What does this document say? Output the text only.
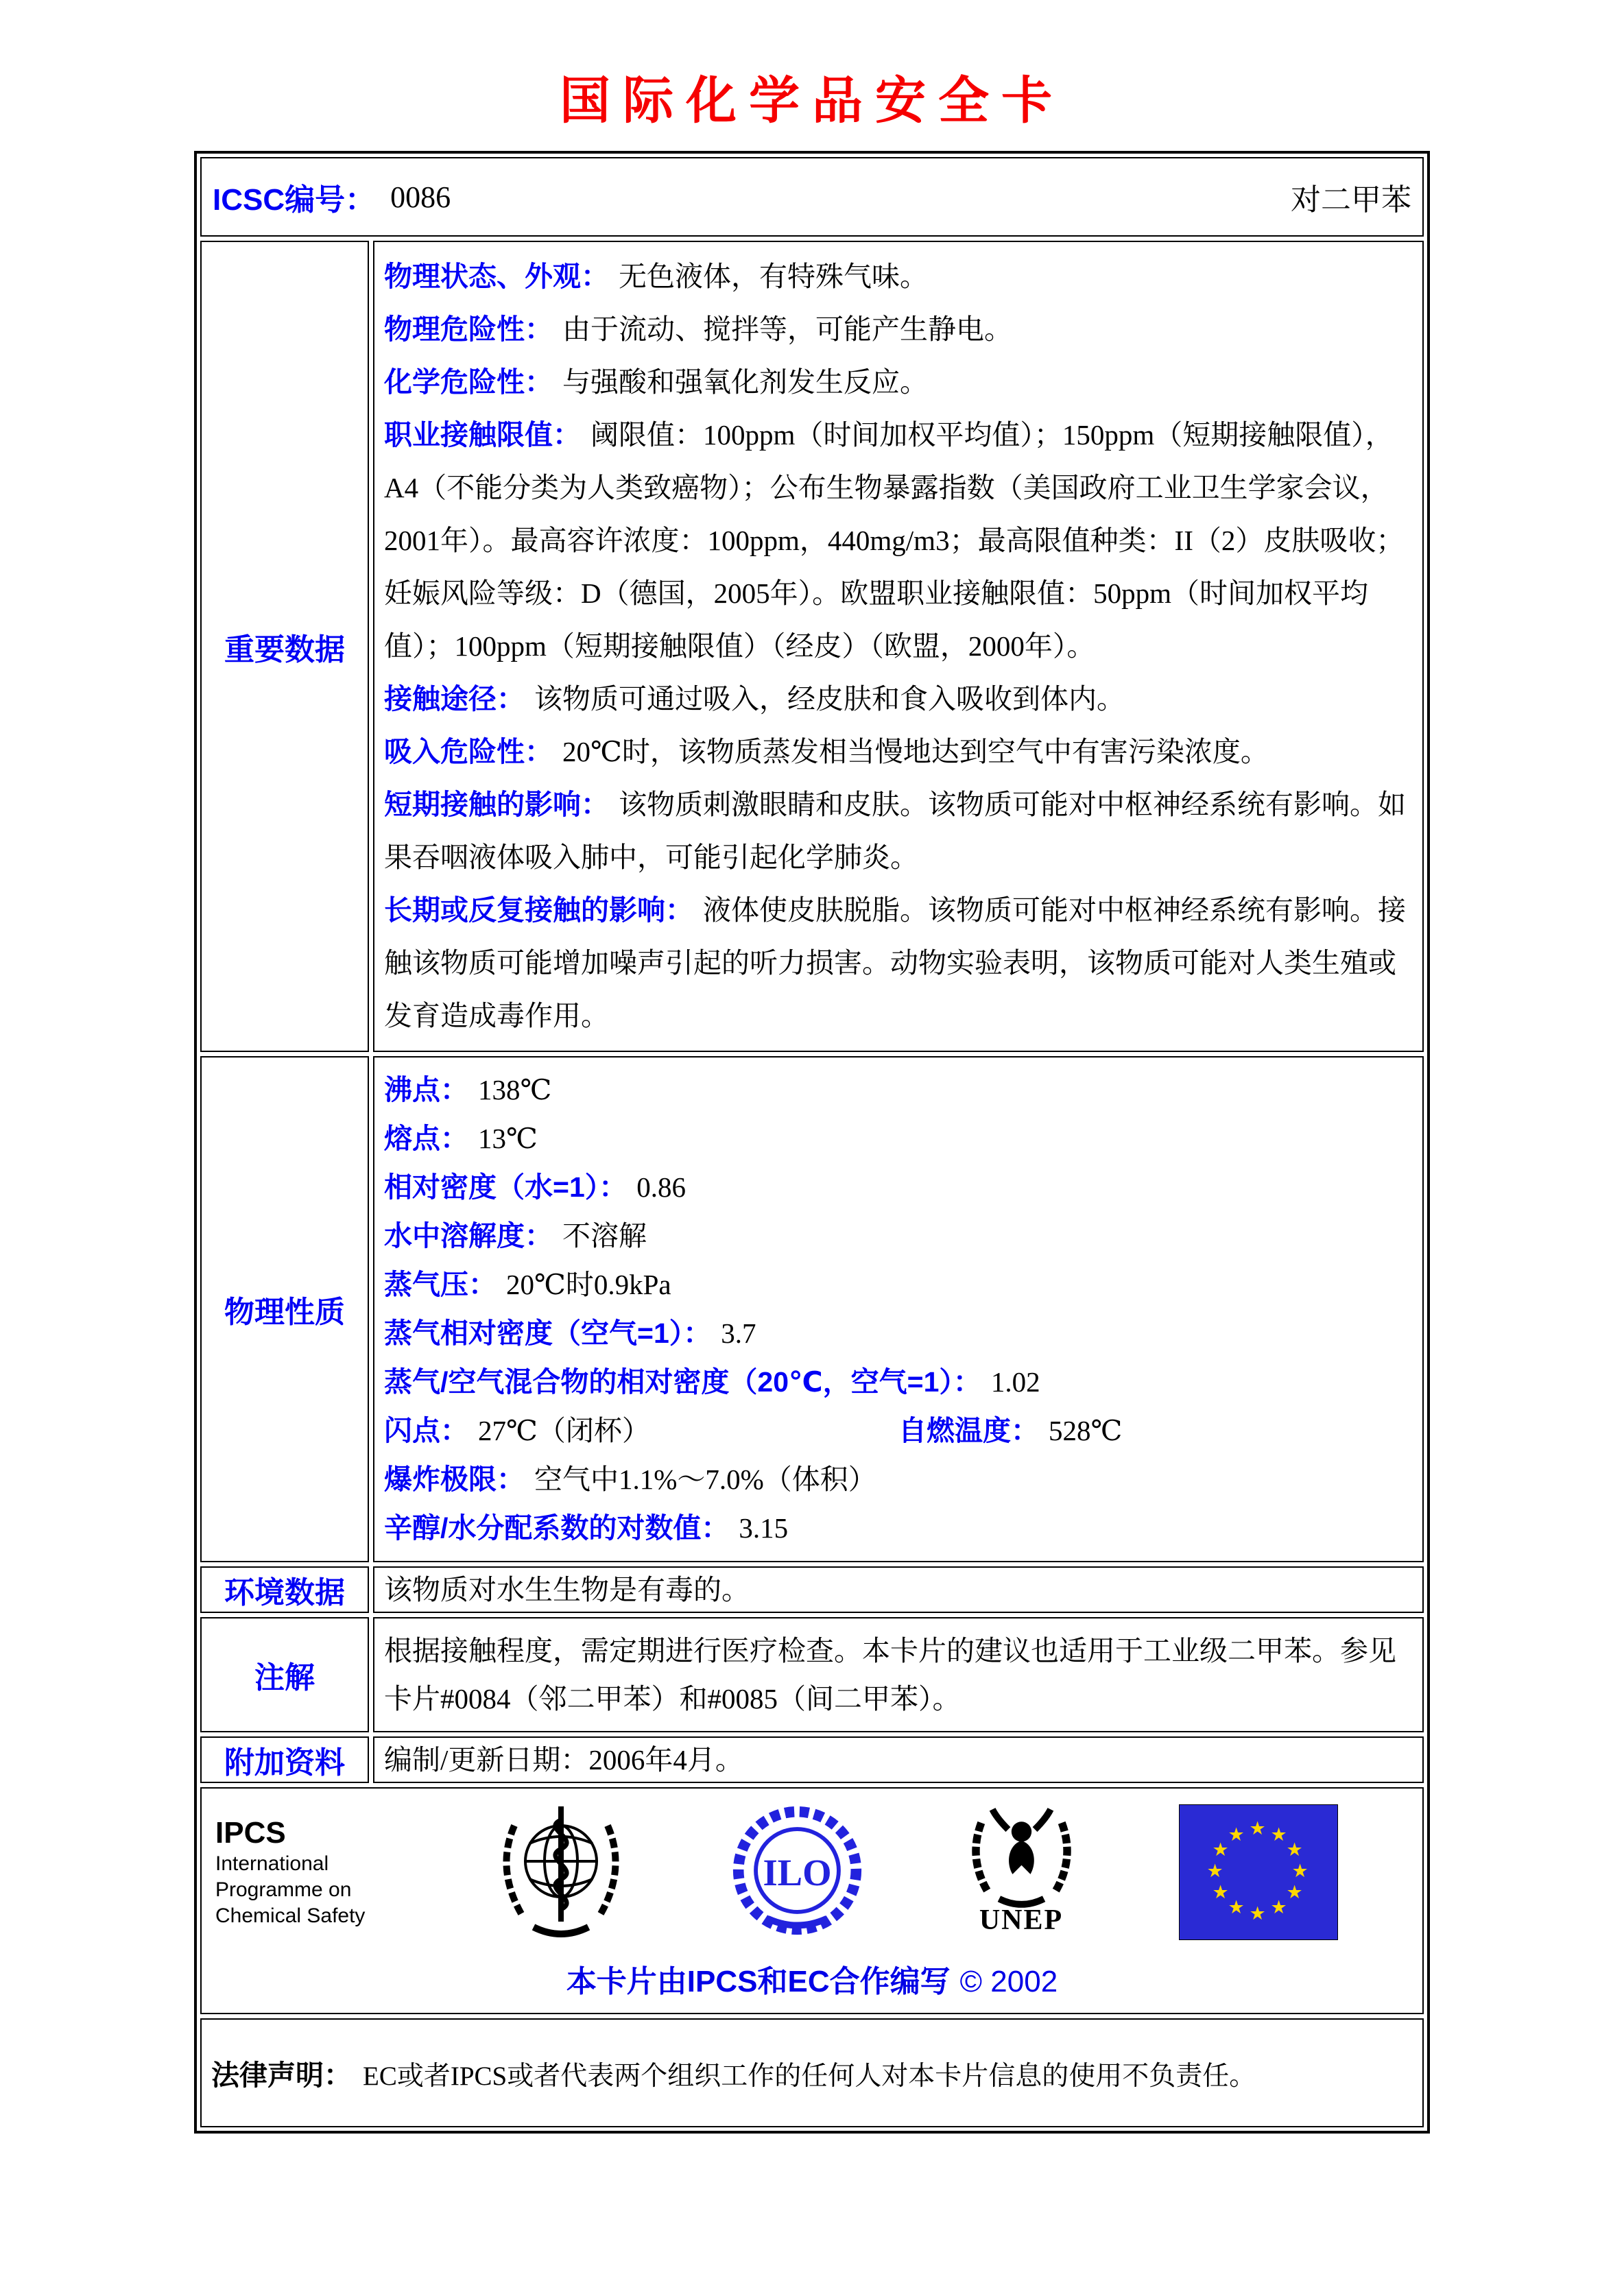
国际化学品安全卡
ICSC编号： 0086	对二甲苯
重要数据

物理状态、外观： 无色液体，有特殊气味。

物理危险性： 由于流动、搅拌等，可能产生静电。

化学危险性： 与强酸和强氧化剂发生反应。

职业接触限值： 阈限值：100ppm（时间加权平均值）；150ppm（短期接触限值），A4（不能分类为人类致癌物）；公布生物暴露指数（美国政府工业卫生学家会议，2001年）。最高容许浓度：100ppm，440mg/m3；最高限值种类：II（2）皮肤吸收；妊娠风险等级：D（德国，2005年）。欧盟职业接触限值：50ppm（时间加权平均值）；100ppm（短期接触限值）（经皮）（欧盟，2000年）。

接触途径： 该物质可通过吸入，经皮肤和食入吸收到体内。

吸入危险性： 20℃时，该物质蒸发相当慢地达到空气中有害污染浓度。

短期接触的影响： 该物质刺激眼睛和皮肤。该物质可能对中枢神经系统有影响。如果吞咽液体吸入肺中，可能引起化学肺炎。

长期或反复接触的影响： 液体使皮肤脱脂。该物质可能对中枢神经系统有影响。接触该物质可能增加噪声引起的听力损害。动物实验表明，该物质可能对人类生殖或发育造成毒作用。

物理性质

沸点： 138℃

熔点： 13℃

相对密度（水=1）： 0.86

水中溶解度： 不溶解

蒸气压： 20℃时0.9kPa

蒸气相对密度（空气=1）： 3.7

蒸气/空气混合物的相对密度（20℃，空气=1）： 1.02

闪点： 27℃（闭杯）	自燃温度： 528℃

爆炸极限： 空气中1.1%～7.0%（体积）

辛醇/水分配系数的对数值： 3.15

环境数据 该物质对水生生物是有毒的。

注解

根据接触程度，需定期进行医疗检查。本卡片的建议也适用于工业级二甲苯。参见卡片#0084（邻二甲苯）和#0085（间二甲苯）。

附加资料 编制/更新日期：2006年4月。

IPCS
International
Programme on
Chemical Safety
ILO
UNEP
★ ★
★
★
★
★
★
★
★
★
★
★
本卡片由IPCS和EC合作编写 © 2002
法律声明： EC或者IPCS或者代表两个组织工作的任何人对本卡片信息的使用不负责任。
